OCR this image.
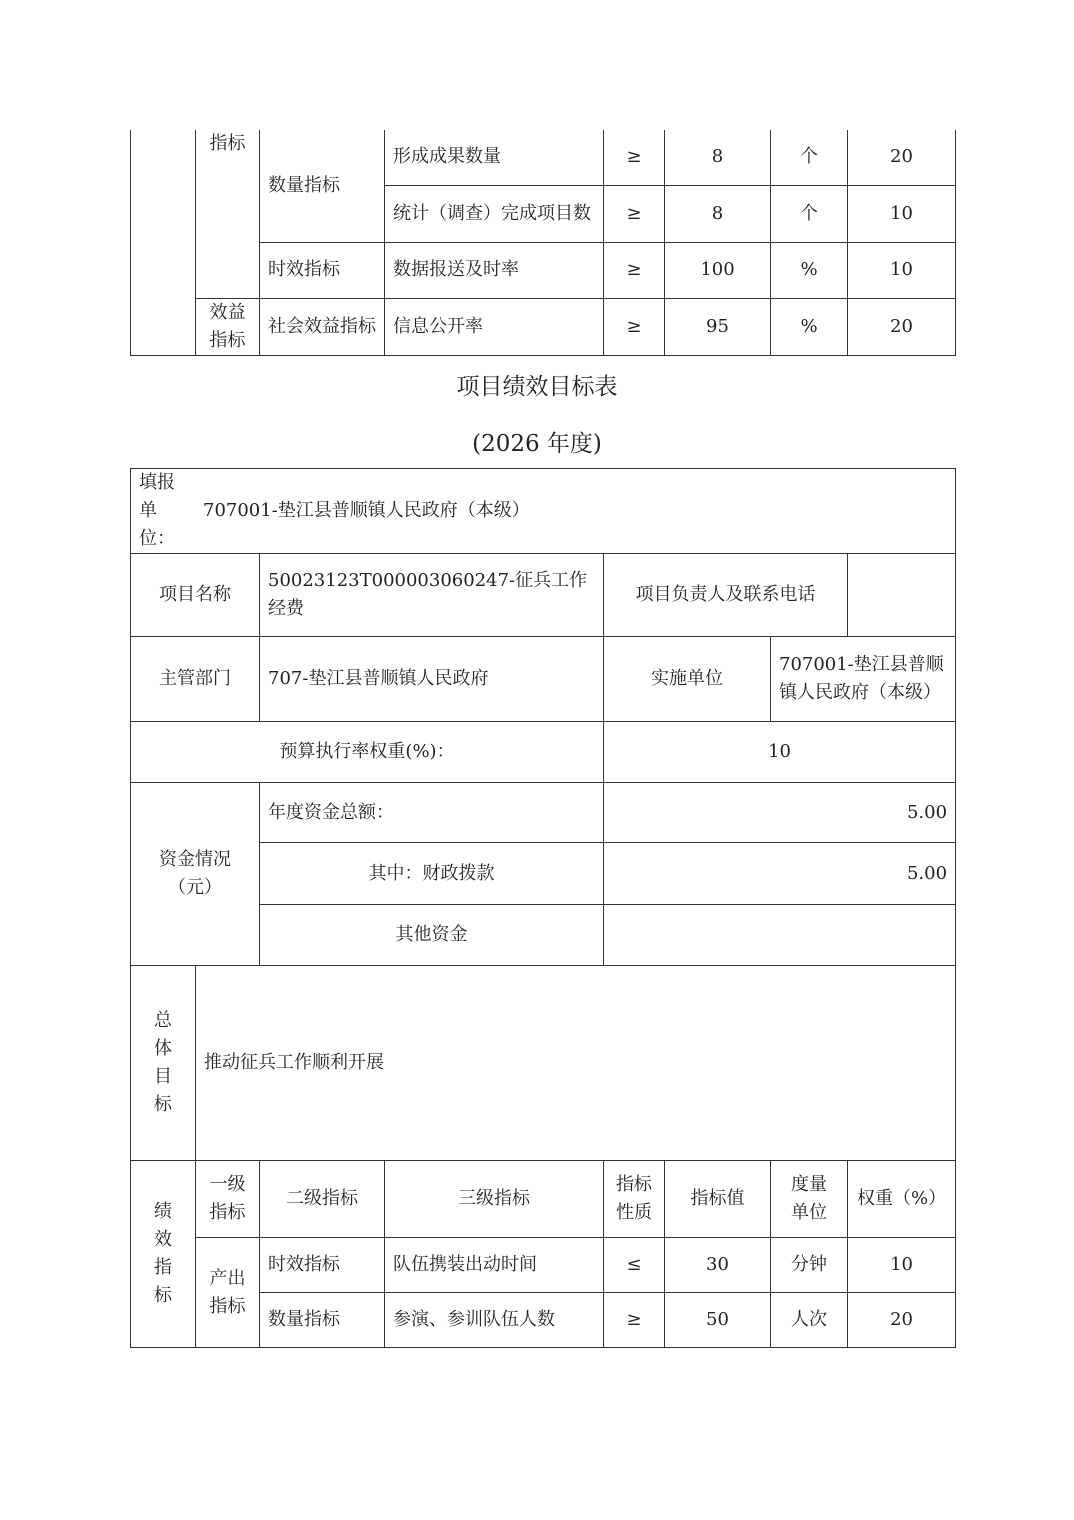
	指标	数量指标	形成成果数量	≥	8	个	20
			统计（调查）完成项目数	≥	8	个	10
		时效指标	数据报送及时率	≥	100	%	10
	效益指标	社会效益指标	信息公开率	≥	95	%	20
项目绩效目标表
(2026 年度)
填报单位：
707001-垫江县普顺镇人民政府（本级）							

项目名称		50023123T000003060247-征兵工作经费		项目负责人及联系电话			
主管部门		707-垫江县普顺镇人民政府		实施单位		707001-垫江县普顺镇人民政府（本级）	
预算执行率权重(%)：				10			
资金情况（元）		年度资金总额：		5.00			
		其中：财政拨款		5.00			
		其他资金					

总体目标	推动征兵工作顺利开展						

绩效指标	一级指标	二级指标	三级指标	指标性质	指标值	度量单位	权重（%）
	产出指标	时效指标	队伍携装出动时间	≤	30	分钟	10
		数量指标	参演、参训队伍人数	≥	50	人次	20
